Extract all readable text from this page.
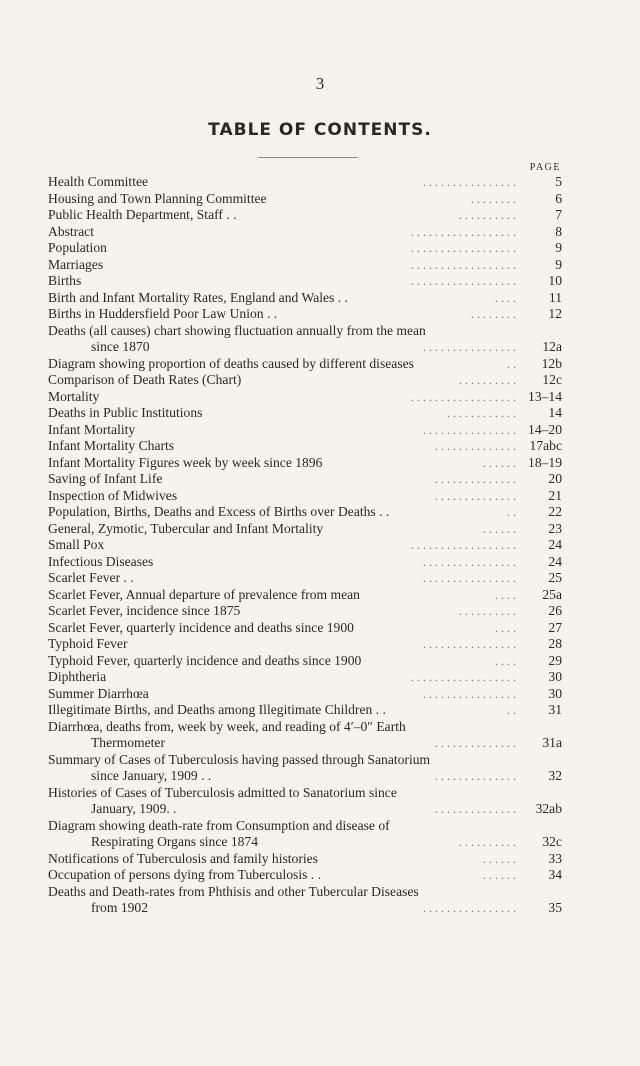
3
TABLE OF CONTENTS.
PAGE
Health Committee	. . . . . . . . . . . . . . . .	5
Housing and Town Planning Committee	. . . . . . . .	6
Public Health Department, Staff . .	. . . . . . . . . .	7
Abstract	. . . . . . . . . . . . . . . . . .	8
Population	. . . . . . . . . . . . . . . . . .	9
Marriages	. . . . . . . . . . . . . . . . . .	9
Births	. . . . . . . . . . . . . . . . . .	10
Birth and Infant Mortality Rates, England and Wales . .	. . . .	11
Births in Huddersfield Poor Law Union . .	. . . . . . . .	12
Deaths (all causes) chart showing fluctuation annually from the mean
since 1870	. . . . . . . . . . . . . . . .	12a
Diagram showing proportion of deaths caused by different diseases	. .	12b
Comparison of Death Rates (Chart)	. . . . . . . . . .	12c
Mortality	. . . . . . . . . . . . . . . . . . 13–14
Deaths in Public Institutions	. . . . . . . . . . . .	14
Infant Mortality	. . . . . . . . . . . . . . . . 14–20
Infant Mortality Charts	. . . . . . . . . . . . . . 17abc
Infant Mortality Figures week by week since 1896	. . . . . . 18–19
Saving of Infant Life	. . . . . . . . . . . . . .	20
Inspection of Midwives	. . . . . . . . . . . . . .	21
Population, Births, Deaths and Excess of Births over Deaths . .	. .	22
General, Zymotic, Tubercular and Infant Mortality	. . . . . .	23
Small Pox	. . . . . . . . . . . . . . . . . .	24
Infectious Diseases	. . . . . . . . . . . . . . . .	24
Scarlet Fever . .	. . . . . . . . . . . . . . . .	25
Scarlet Fever, Annual departure of prevalence from mean	. . . .	25a
Scarlet Fever, incidence since 1875	. . . . . . . . . .	26
Scarlet Fever, quarterly incidence and deaths since 1900	. . . .	27
Typhoid Fever	. . . . . . . . . . . . . . . .	28
Typhoid Fever, quarterly incidence and deaths since 1900	. . . .	29
Diphtheria	. . . . . . . . . . . . . . . . . .	30
Summer Diarrhœa	. . . . . . . . . . . . . . . .	30
Illegitimate Births, and Deaths among Illegitimate Children . .	. .	31
Diarrhœa, deaths from, week by week, and reading of 4′–0″ Earth
Thermometer	. . . . . . . . . . . . . .	31a
Summary of Cases of Tuberculosis having passed through Sanatorium
since January, 1909 . .	. . . . . . . . . . . . . .	32
Histories of Cases of Tuberculosis admitted to Sanatorium since
January, 1909. .	. . . . . . . . . . . . . .	32ab
Diagram showing death-rate from Consumption and disease of
Respirating Organs since 1874	. . . . . . . . . .	32c
Notifications of Tuberculosis and family histories	. . . . . .	33
Occupation of persons dying from Tuberculosis . .	. . . . . .	34
Deaths and Death-rates from Phthisis and other Tubercular Diseases
from 1902	. . . . . . . . . . . . . . . .	35
